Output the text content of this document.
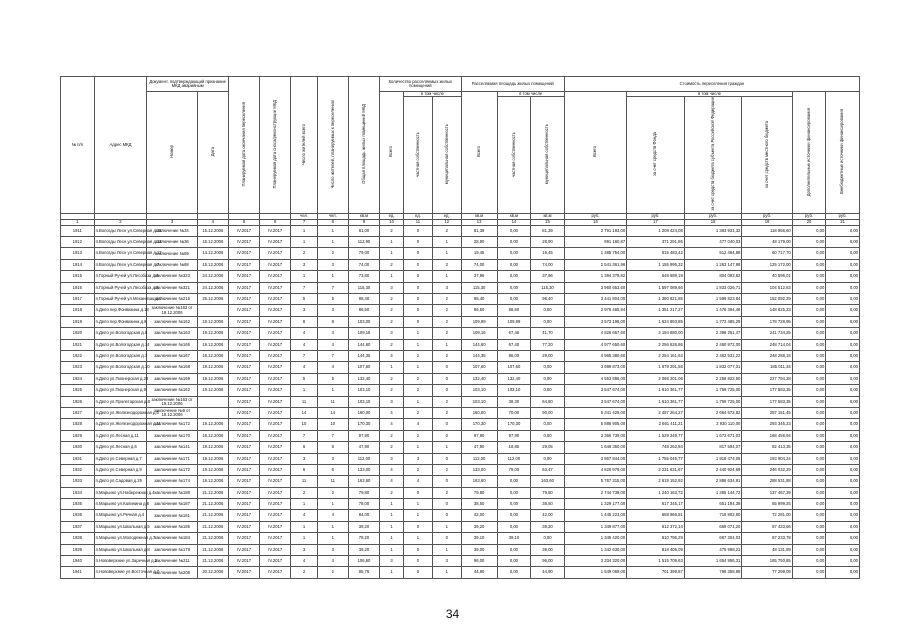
№ п/п	Адрес МКД	Документ, подтверждающий признание МКД аварийным		Планируемая дата окончания переселения	Планируемая дата сноса/реконструкции МКД	Число жителей всего	Число жителей, планируемых к переселению	Общая площадь жилых помещений МКД	Количество расселяемых жилых помещений			Расселяемая площадь жилых помещений			Стоимость переселения граждан					
		Номер	Дата						Всего	в том числе		Всего	в том числе		Всего	в том числе			Дополнительные источники финансирования	Внебюджетные источники финансирования
										частная собственность	муниципальная собственность		частная собственность	муниципальная собственность		за счет средств Фонда	за счет средств бюджета субъекта Российской Федерации	за счет средств местного бюджета		
						чел.	чел.	кв.м	ед.	ед.	ед.	кв.м	кв.м	кв.м	руб.	руб.	руб.	руб.	руб.	руб.
1	2	3	4	5	6	7	8	9	10	11	12	13	14	15	16	17	18	19	20	21
1911	п.Вологды Лесн ул.Северная д.15	заключение №34	15.12.2006	IV.2017	IV.2017	1	1	81,00	2	0	2	81,39	0,00	81,39	2 791 193,00	1 208 424,08	1 383 931,32	118 956,60	0,00	0,00
1912	п.Вологды Лесн ул.Северная д.13	заключение №36	15.12.2006	IV.2017	IV.2017	1	1	112,90	1	0	1	28,90	0,00	28,90	991 160,87	371 291,86	477 040,03	48 179,00	0,00	0,00
1913	п.Вологды Лесн ул.Северная д.13	заключение №69	14.12.2006	IV.2017	IV.2017	2	2	79,00	1	0	1	19,45	0,00	19,45	1 385 754,00	615 483,42	512 484,88	60 717,70	0,00	0,00
1914	п.Вологды Лесн ул.Северная д.7	заключение №68	15.12.2006	IV.2017	IV.2017	3	3	74,00	2	0	2	74,00	0,00	74,00	2 541 361,96	1 155 995,32	1 263 147,98	125 172,00	0,00	0,00
1915	п.Горный Ручей ул.Лесобаза д.6	заключение №323	24.12.2006	IV.2017	IV.2017	1	1	73,80	1	0	1	37,96	0,00	37,96	1 394 379,82	548 689,19	804 093,62	40 596,01	0,00	0,00
1916	п.Горный Ручей ул.Лесобаза д.8	заключение №321	24.12.2006	IV.2017	IV.2017	7	7	115,30	3	0	3	115,30	0,00	115,30	3 960 653,60	1 597 089,66	1 833 026,71	104 512,63	0,00	0,00
1917	п.Горный Ручей ул.Механизац д.5	заключение №216	25.12.2006	IV.2017	IV.2017	5	5	98,40	2	0	2	98,40	0,00	98,40	3 441 804,00	1 380 921,85	1 599 823,84	152 092,29	0,00	0,00
1918	п.Депо пер.Фонвизина д.18	заключение №163 от 19.12.2006		IV.2017	IV.2017	3	3	86,50	2	0	2	86,50	86,50	0,00	2 976 465,94	1 351 217,27	1 476 394,48	148 825,23	0,00	0,00
1919	п.Депо пер.Фонвизина д.8	заключение №162	19.12.2006	IV.2017	IV.2017	8	8	103,00	2	0	2	109,99	109,99	0,00	3 573 199,00	1 624 893,85	1 773 485,29	178 728,95	0,00	0,00
1920	п.Депо ул.Вологодская д.8	заключение №163	19.12.2006	IV.2017	IV.2017	4	4	109,16	3	1	2	109,16	67,46	41,70	4 826 657,60	2 194 880,00	2 398 251,47	241 734,25	0,00	0,00
1921	п.Депо ул.Вологодская д.14	заключение №166	19.12.2006	IV.2017	IV.2017	4	4	144,60	2	1	1	144,60	67,40	77,20	4 977 650,60	2 256 626,86	2 460 872,00	248 714,04	0,00	0,00
1922	п.Депо ул.Вологодская д.7	заключение №167	19.12.2006	IV.2017	IV.2017	7	7	144,35	4	2	2	144,35	86,00	29,00	4 965 380,60	2 254 161,63	2 462 531,22	248 288,15	0,00	0,00
1923	п.Депо ул.Вологодская д.10	заключение №168	19.12.2006	IV.2017	IV.2017	4	4	107,60	1	1	0	107,60	107,60	0,00	3 699 873,00	1 679 291,58	1 832 077,31	185 011,34	0,00	0,00
1924	п.Депо ул.Пионерская д.28	заключение №169	19.12.2006	IV.2017	IV.2017	5	5	132,40	2	2	0	132,40	132,40	0,00	4 553 886,00	2 068 201,06	2 258 822,50	227 794,28	0,00	0,00
1925	п.Депо ул.Пионерская д.9	заключение №162	19.12.2006	IV.2017	IV.2017	1	1	103,10	2	2	0	103,10	103,10	0,00	3 547 674,00	1 610 361,77	1 759 725,00	177 583,35	0,00	0,00
1926	п.Депо ул.Пролетарская д.8	заключение №163 от 19.12.2006		IV.2017	IV.2017	11	11	103,10	3	1	2	103,10	38,30	64,80	3 547 674,00	1 610 361,77	1 759 725,00	177 583,35	0,00	0,00
1927	п.Депо ул.Железнодорожная д.6	заключение №9 от 19.12.2006		IV.2017	IV.2017	14	14	160,00	4	2	2	160,00	70,00	90,00	5 341 429,00	2 497 264,27	2 664 672,82	287 151,45	0,00	0,00
1928	п.Депо ул.Железнодорожная д.11	заключение №172	19.12.2006	IV.2017	IV.2017	10	10	170,30	4	4	0	170,30	170,30	0,00	5 886 905,00	2 661 411,21	2 930 110,00	293 345,23	0,00	0,00
1929	п.Депо ул.Лесная д.11	заключение №170	19.12.2006	IV.2017	IV.2017	7	7	97,90	2	2	0	97,90	97,90	0,00	3 366 739,00	1 529 349,77	1 672 671,03	168 458,94	0,00	0,00
1930	п.Депо ул.Лесная д.6	заключение №141	19.12.2006	IV.2017	IV.2017	6	6	47,90	2	1	1	47,90	18,85	29,05	1 646 350,00	748 262,84	817 594,07	82 413,35	0,00	0,00
1931	п.Депо ул.Северная д.7	заключение №171	19.12.2006	IV.2017	IV.2017	3	3	112,00	3	3	0	112,00	112,00	0,00	3 867 844,00	1 755 045,77	1 918 474,05	193 904,24	0,00	0,00
1932	п.Депо ул.Северная д.9	заключение №172	19.12.2006	IV.2017	IV.2017	6	6	133,00	4	2	2	133,00	79,00	63,47	4 820 979,00	2 231 831,67	2 440 924,69	246 032,29	0,00	0,00
1933	п.Депо ул.Садовая д.26	заключение №174	19.12.2006	IV.2017	IV.2017	11	11	163,60	4	4	0	163,60	0,00	163,60	5 767 315,00	2 619 152,92	2 886 634,91	288 531,88	0,00	0,00
1934	п.Марьино ул.Набережная д.4	заключение №188	21.12.2006	IV.2017	IV.2017	2	2	79,80	2	0	2	79,80	0,00	79,80	2 744 739,00	1 240 163,72	1 365 144,72	137 467,39	0,00	0,00
1935	п.Марьино ул.Калинина д.6	заключение №187	21.12.2006	IV.2017	IV.2017	1	1	78,00	1	1	0	38,50	0,00	38,50	1 329 177,00	617 345,17	651 194,39	65 999,25	0,00	0,00
1936	п.Марьино ул.Речная д.4	заключение №181	21.12.2006	IV.2017	IV.2017	4	4	84,00	1	1	0	42,00	0,00	42,00	1 445 223,00	658 966,81	716 802,60	72 281,00	0,00	0,00
1937	п.Марьино ул.Школьная д.5	заключение №185	21.12.2006	IV.2017	IV.2017	1	1	39,20	1	0	1	39,20	0,00	39,20	1 349 877,00	612 372,14	669 071,20	67 433,66	0,00	0,00
1938	п.Марьино ул.Молодежная д.7	заключение №184	21.12.2006	IV.2017	IV.2017	1	1	78,20	1	1	0	39,10	39,10	0,00	1 345 420,00	610 795,29	667 304,03	67 233,78	0,00	0,00
1939	п.Марьино ул.Школьная д.8	заключение №178	21.12.2006	IV.2017	IV.2017	3	3	39,20	1	0	1	39,00	0,00	39,00	1 342 630,00	818 405,09	475 998,21	48 131,89	0,00	0,00
1940	п.Нововерхние ул.Заречная д.2	заключение №211	21.12.2006	IV.2017	IV.2017	4	4	106,60	3	0	3	96,00	0,00	96,00	3 334 320,00	1 515 709,63	1 654 956,31	165 750,85	0,00	0,00
1941	п.Нововерхние ул.Восточная д.7	заключение №208	20.12.2006	IV.2017	IV.2017	2	2	85,76	1	0	1	44,90	0,00	44,90	1 549 069,00	701 399,87	768 358,89	77 299,05	0,00	0,00
34
